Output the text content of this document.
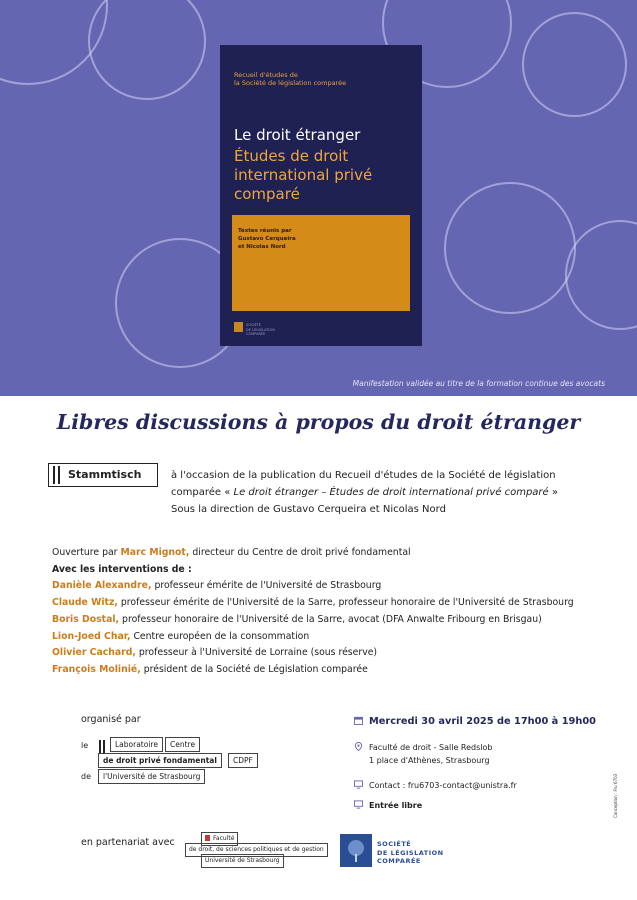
Recueil d'études de
la Société de législation comparée
Le droit étranger
Études de droit
international privé
comparé
Textes réunis par
Gustavo Cerqueira
et Nicolas Nord
SOCIÉTÉ
DE LÉGISLATION
COMPARÉE
Manifestation validée au titre de la formation continue des avocats
Libres discussions à propos du droit étranger
Stammtisch	à l'occasion de la publication du Recueil d'études de la Société de législation
comparée « Le droit étranger – Études de droit international privé comparé »
Sous la direction de Gustavo Cerqueira et Nicolas Nord
Ouverture par Marc Mignot, directeur du Centre de droit privé fondamental
Avec les interventions de :
Danièle Alexandre, professeur émérite de l'Université de Strasbourg
Claude Witz, professeur émérite de l'Université de la Sarre, professeur honoraire de l'Université de Strasbourg
Boris Dostal, professeur honoraire de l'Université de la Sarre, avocat (DFA Anwalte Fribourg en Brisgau)
Lion-Joed Char, Centre européen de la consommation
Olivier Cachard, professeur à l'Université de Lorraine (sous réserve)
François Molinié, président de la Société de Législation comparée
organisé par
le	Laboratoire	Centre
de droit privé fondamental	CDPF
de	l'Université de Strasbourg
en partenariat avec	Faculté
de droit, de sciences politiques et de gestion
Université de Strasbourg
Mercredi 30 avril 2025 de 17h00 à 19h00
Faculté de droit - Salle Redslob
1 place d'Athènes, Strasbourg
Contact : fru6703-contact@unistra.fr
Entrée libre
SOCIÉTÉ
DE LÉGISLATION
COMPARÉE
Conception : Fru 6703
